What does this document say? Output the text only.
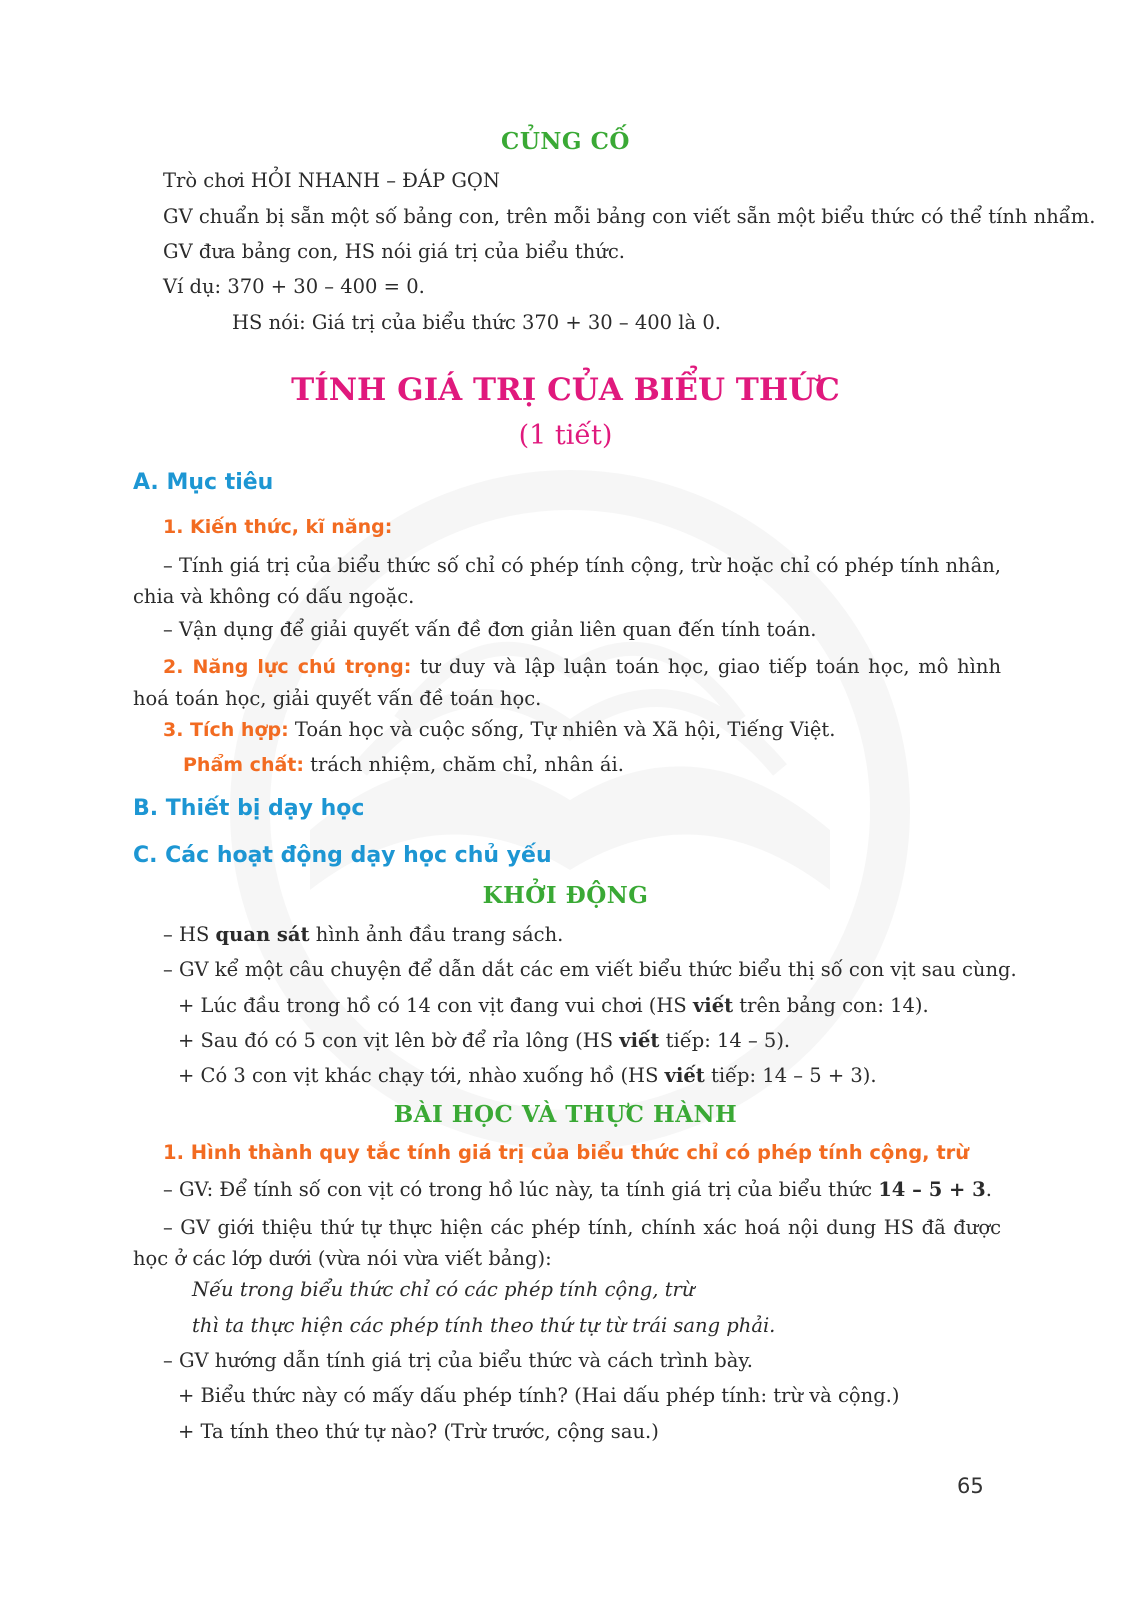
CỦNG CỐ
Trò chơi HỎI NHANH – ĐÁP GỌN
GV chuẩn bị sẵn một số bảng con, trên mỗi bảng con viết sẵn một biểu thức có thể tính nhẩm.
GV đưa bảng con, HS nói giá trị của biểu thức.
Ví dụ: 370 + 30 – 400 = 0.
HS nói: Giá trị của biểu thức 370 + 30 – 400 là 0.
TÍNH GIÁ TRỊ CỦA BIỂU THỨC
(1 tiết)
A. Mục tiêu
1. Kiến thức, kĩ năng:
– Tính giá trị của biểu thức số chỉ có phép tính cộng, trừ hoặc chỉ có phép tính nhân, chia và không có dấu ngoặc.
– Vận dụng để giải quyết vấn đề đơn giản liên quan đến tính toán.
2. Năng lực chú trọng: tư duy và lập luận toán học, giao tiếp toán học, mô hình hoá toán học, giải quyết vấn đề toán học.
3. Tích hợp: Toán học và cuộc sống, Tự nhiên và Xã hội, Tiếng Việt.
Phẩm chất: trách nhiệm, chăm chỉ, nhân ái.
B. Thiết bị dạy học
C. Các hoạt động dạy học chủ yếu
KHỞI ĐỘNG
– HS quan sát hình ảnh đầu trang sách.
– GV kể một câu chuyện để dẫn dắt các em viết biểu thức biểu thị số con vịt sau cùng.
+ Lúc đầu trong hồ có 14 con vịt đang vui chơi (HS viết trên bảng con: 14).
+ Sau đó có 5 con vịt lên bờ để rỉa lông (HS viết tiếp: 14 – 5).
+ Có 3 con vịt khác chạy tới, nhào xuống hồ (HS viết tiếp: 14 – 5 + 3).
BÀI HỌC VÀ THỰC HÀNH
1. Hình thành quy tắc tính giá trị của biểu thức chỉ có phép tính cộng, trừ
– GV: Để tính số con vịt có trong hồ lúc này, ta tính giá trị của biểu thức 14 – 5 + 3.
– GV giới thiệu thứ tự thực hiện các phép tính, chính xác hoá nội dung HS đã được học ở các lớp dưới (vừa nói vừa viết bảng):
Nếu trong biểu thức chỉ có các phép tính cộng, trừ
thì ta thực hiện các phép tính theo thứ tự từ trái sang phải.
– GV hướng dẫn tính giá trị của biểu thức và cách trình bày.
+ Biểu thức này có mấy dấu phép tính? (Hai dấu phép tính: trừ và cộng.)
+ Ta tính theo thứ tự nào? (Trừ trước, cộng sau.)
65
